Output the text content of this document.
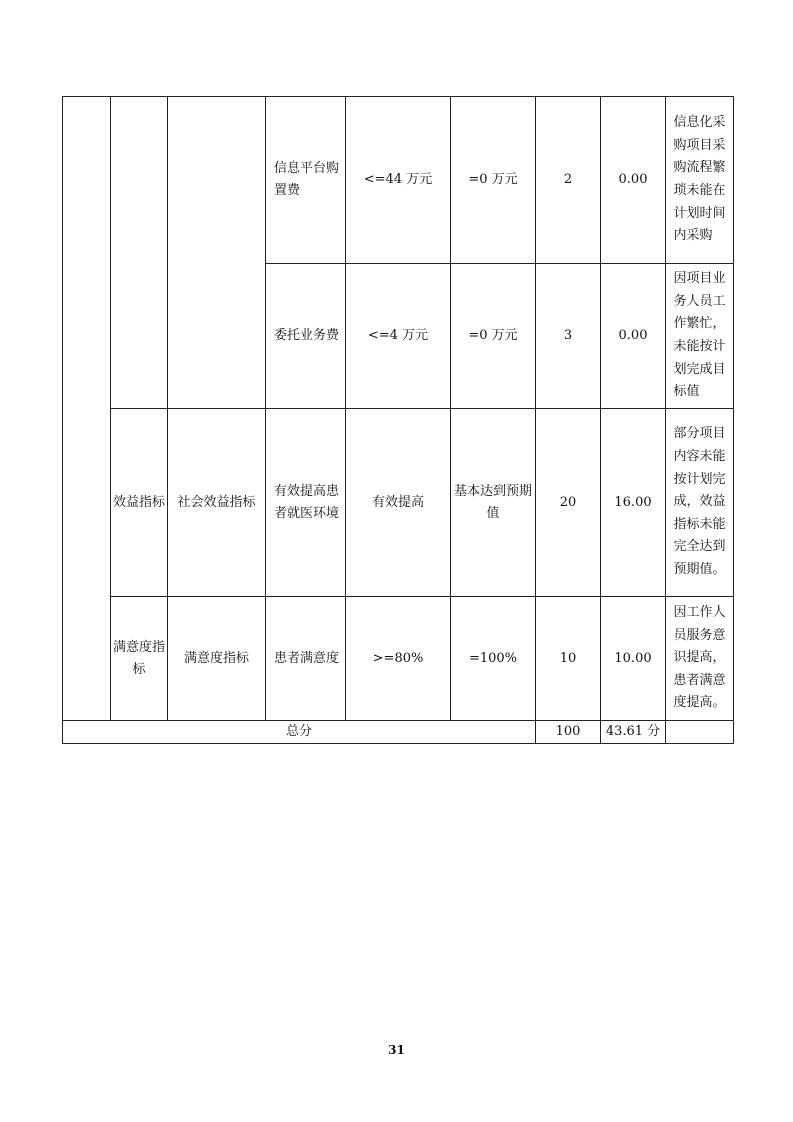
			信息平台购置费	<=44 万元	=0 万元	2	0.00	信息化采购项目采购流程繁琐未能在计划时间内采购
			委托业务费	<=4 万元	=0 万元	3	0.00	因项目业务人员工作繁忙，未能按计划完成目标值
	效益指标	社会效益指标	有效提高患者就医环境	有效提高	基本达到预期值	20	16.00	部分项目内容未能按计划完成，效益指标未能完全达到预期值。
	满意度指标	满意度指标	患者满意度	>=80%	=100%	10	10.00	因工作人员服务意识提高，患者满意度提高。
总分						100	43.61 分	
31
